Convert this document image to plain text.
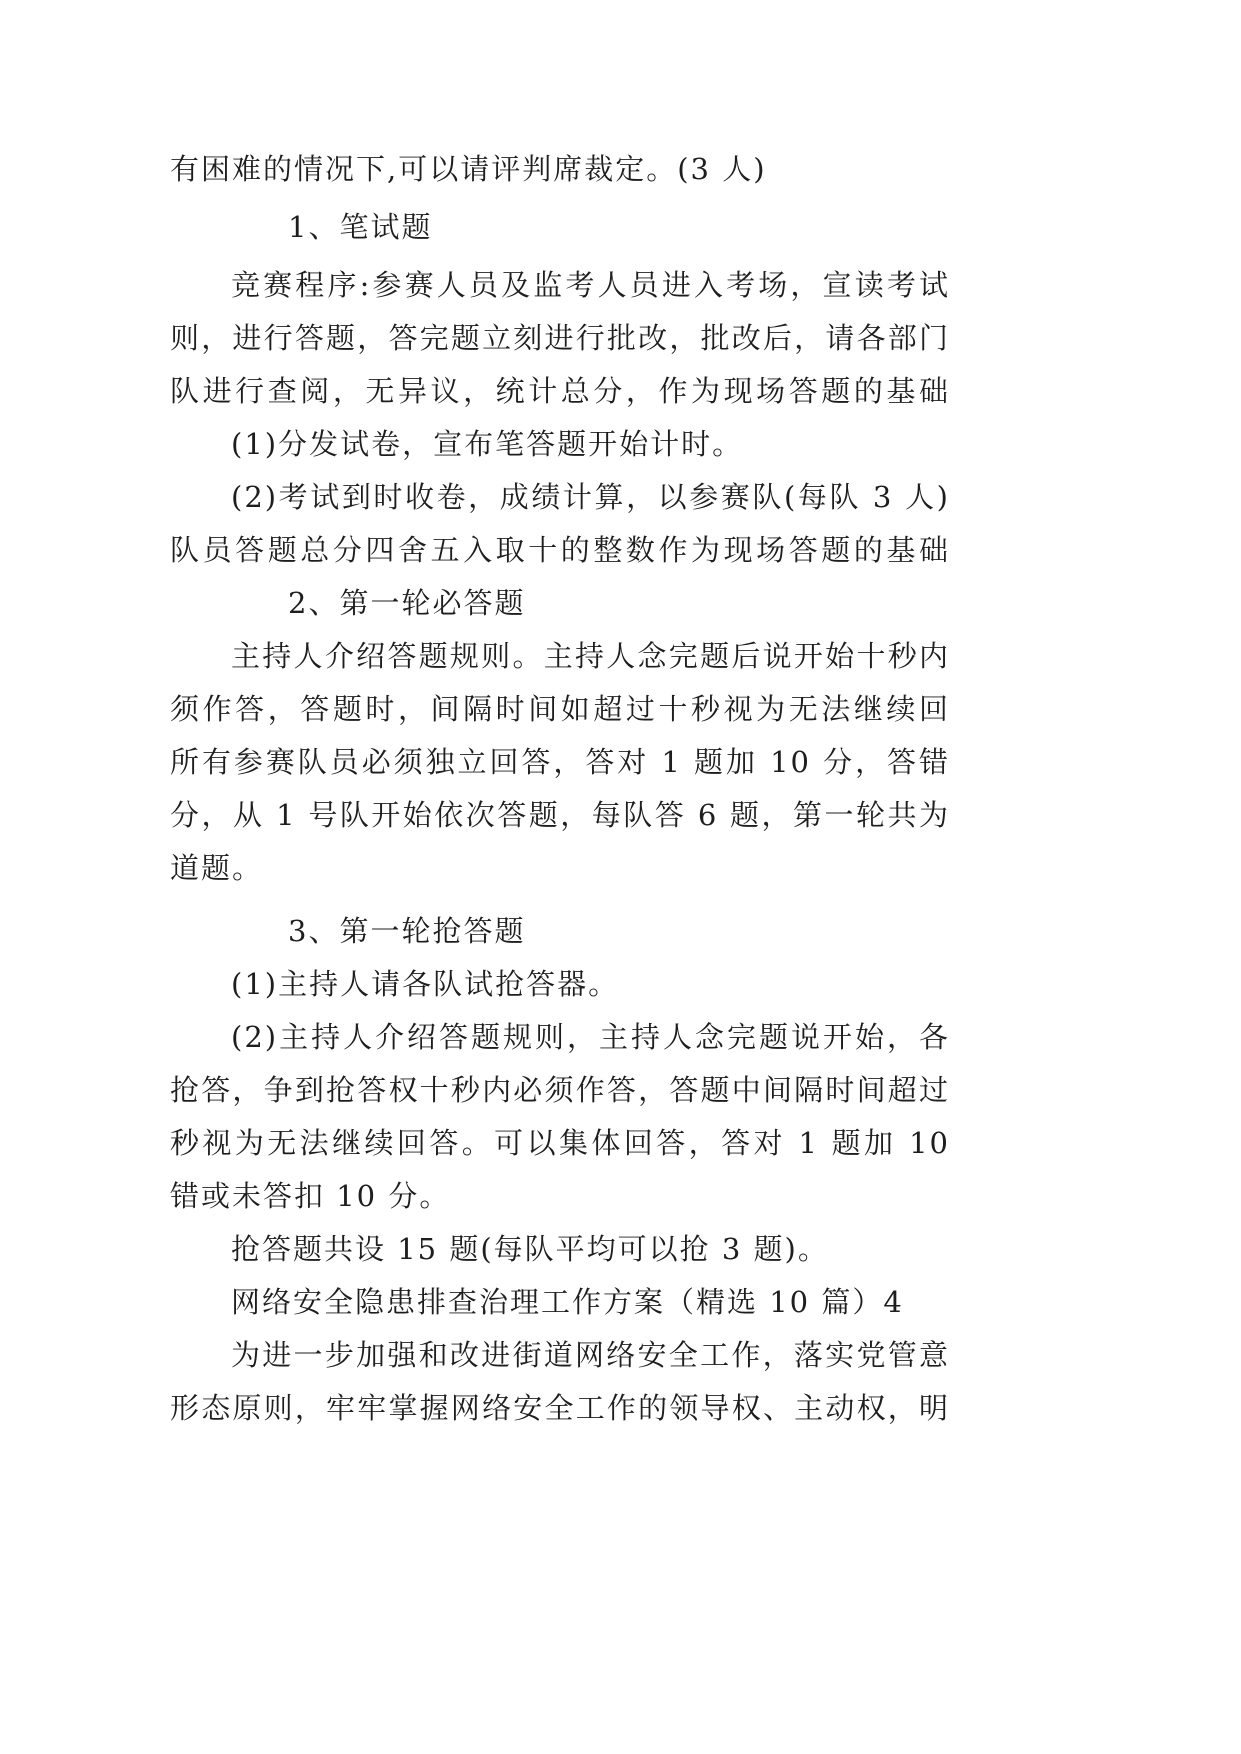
有困难的情况下,可以请评判席裁定。(3 人)
1、笔试题
竞赛程序:参赛人员及监考人员进入考场，宣读考试
则，进行答题，答完题立刻进行批改，批改后，请各部门
队进行查阅，无异议，统计总分，作为现场答题的基础
(1)分发试卷，宣布笔答题开始计时。
(2)考试到时收卷，成绩计算，以参赛队(每队 3 人)
队员答题总分四舍五入取十的整数作为现场答题的基础
2、第一轮必答题
主持人介绍答题规则。主持人念完题后说开始十秒内
须作答，答题时，间隔时间如超过十秒视为无法继续回
所有参赛队员必须独立回答，答对 1 题加 10 分，答错
分，从 1 号队开始依次答题，每队答 6 题，第一轮共为
道题。
3、第一轮抢答题
(1)主持人请各队试抢答器。
(2)主持人介绍答题规则，主持人念完题说开始，各
抢答，争到抢答权十秒内必须作答，答题中间隔时间超过
秒视为无法继续回答。可以集体回答，答对 1 题加 10
错或未答扣 10 分。
抢答题共设 15 题(每队平均可以抢 3 题)。
网络安全隐患排查治理工作方案（精选 10 篇）4
为进一步加强和改进街道网络安全工作，落实党管意
形态原则，牢牢掌握网络安全工作的领导权、主动权，明
